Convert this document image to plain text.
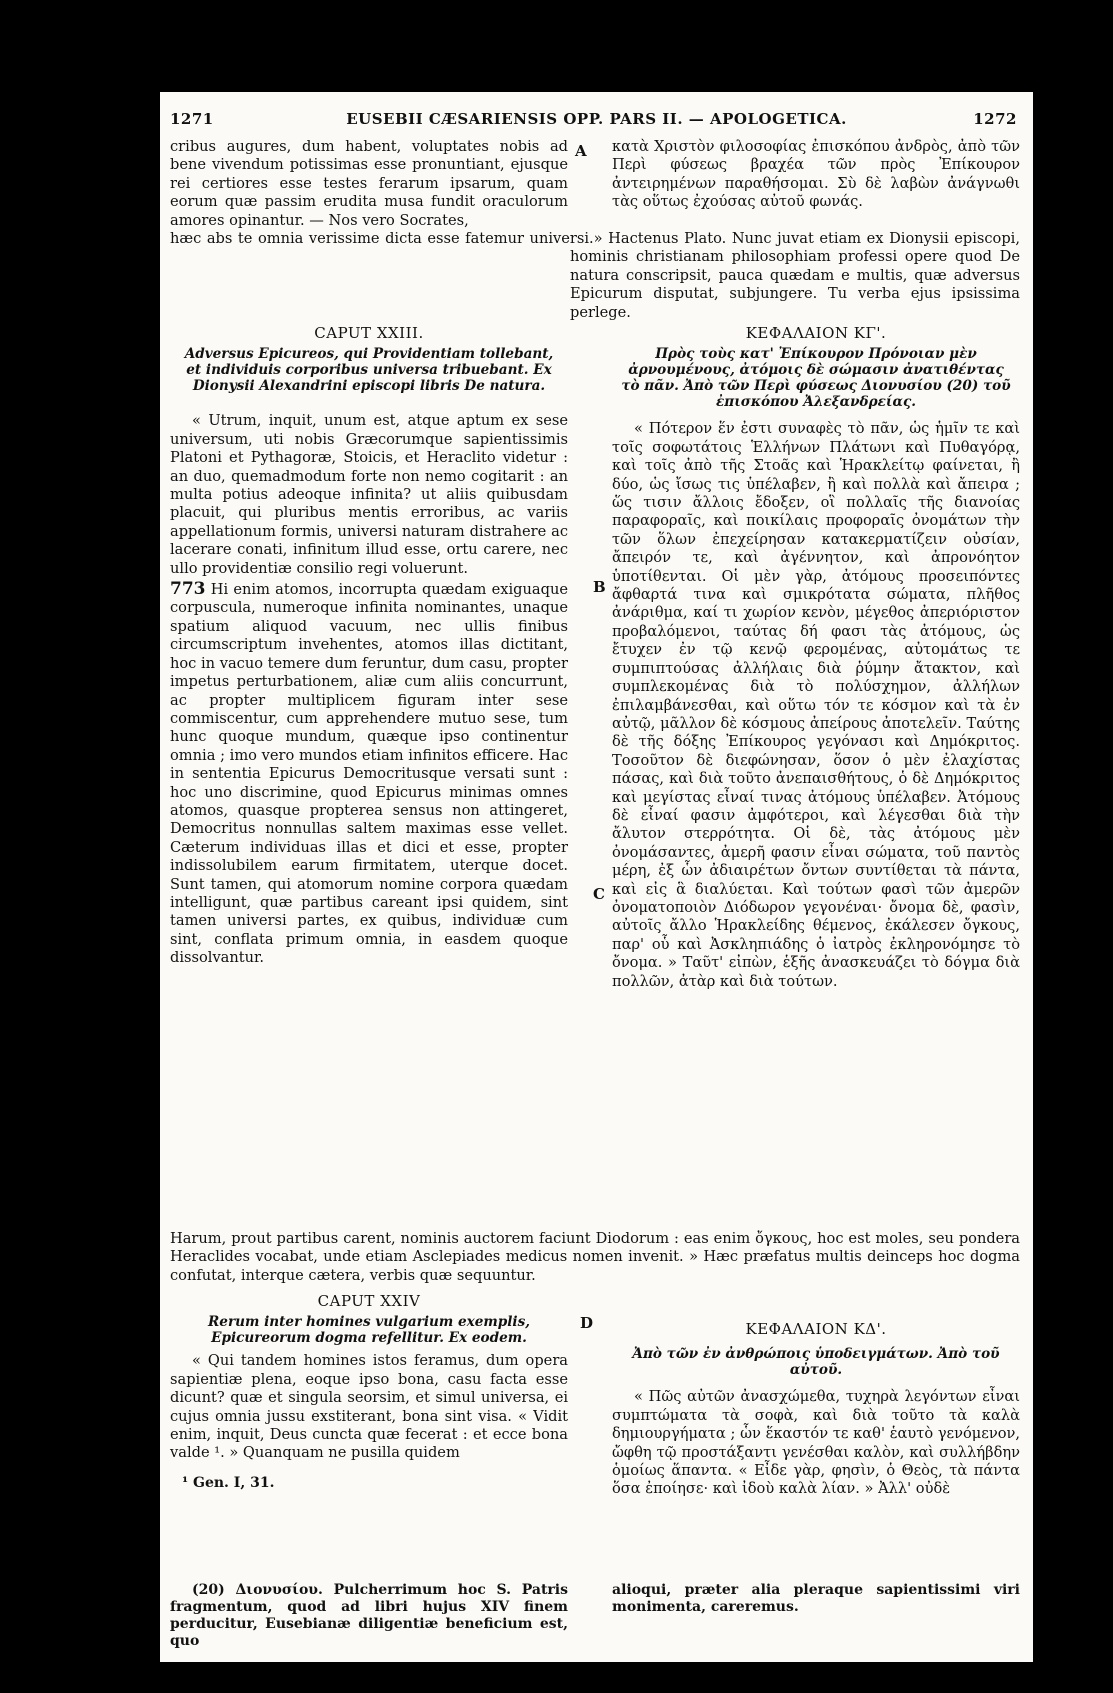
1271	EUSEBII CÆSARIENSIS OPP. PARS II. — APOLOGETICA.	1272

cribus augures, dum habent, voluptates nobis ad bene vivendum potissimas esse pronuntiant, ejusque rei certiores esse testes ferarum ipsarum, quam eorum quæ passim erudita musa fundit oraculorum amores opinantur. — Nos vero Socrates,

A κατὰ Χριστὸν φιλοσοφίας ἐπισκόπου ἀνδρὸς, ἀπὸ τῶν Περὶ φύσεως βραχέα τῶν πρὸς Ἐπίκουρον ἀντειρημένων παραθήσομαι. Σὺ δὲ λαβὼν ἀνάγνωθι τὰς οὕτως ἐχούσας αὐτοῦ φωνάς.

hæc abs te omnia verissime dicta esse fatemur universi.» Hactenus Plato. Nunc juvat etiam ex Dionysii episcopi, hominis christianam philosophiam professi opere quod De natura conscripsit, pauca quædam e multis, quæ adversus Epicurum disputat, subjungere. Tu verba ejus ipsissima perlege.

CAPUT XXIII.
Adversus Epicureos, qui Providentiam tollebant, et individuis corporibus universa tribuebant. Ex Dionysii Alexandrini episcopi libris De natura.

« Utrum, inquit, unum est, atque aptum ex sese universum, uti nobis Græcorumque sapientissimis Platoni et Pythagoræ, Stoicis, et Heraclito videtur : an duo, quemadmodum forte non nemo cogitarit : an multa potius adeoque infinita? ut aliis quibusdam placuit, qui pluribus mentis erroribus, ac variis appellationum formis, universi naturam distrahere ac lacerare conati, infinitum illud esse, ortu carere, nec ullo providentiæ consilio regi voluerunt.

773 Hi enim atomos, incorrupta quædam exiguaque corpuscula, numeroque infinita nominantes, unaque spatium aliquod vacuum, nec ullis finibus circumscriptum invehentes, atomos illas dictitant, hoc in vacuo temere dum feruntur, dum casu, propter impetus perturbationem, aliæ cum aliis concurrunt, ac propter multiplicem figuram inter sese commiscentur, cum apprehendere mutuo sese, tum hunc quoque mundum, quæque ipso continentur omnia ; imo vero mundos etiam infinitos efficere. Hac in sententia Epicurus Democritusque versati sunt : hoc uno discrimine, quod Epicurus minimas omnes atomos, quasque propterea sensus non attingeret, Democritus nonnullas saltem maximas esse vellet. Cæterum individuas illas et dici et esse, propter indissolubilem earum firmitatem, uterque docet. Sunt tamen, qui atomorum nomine corpora quædam intelligunt, quæ partibus careant ipsi quidem, sint tamen universi partes, ex quibus, individuæ cum sint, conflata primum omnia, in easdem quoque dissolvantur.

B
C
ΚΕΦΑΛΑΙΟΝ ΚΓ'.
Πρὸς τοὺς κατ' Ἐπίκουρον Πρόνοιαν μὲν ἀρνουμένους, ἀτόμοις δὲ σώμασιν ἀνατιθέντας τὸ πᾶν. Ἀπὸ τῶν Περὶ φύσεως Διονυσίου (20) τοῦ ἐπισκόπου Ἀλεξανδρείας.

« Πότερον ἕν ἐστι συναφὲς τὸ πᾶν, ὡς ἡμῖν τε καὶ τοῖς σοφωτάτοις Ἑλλήνων Πλάτωνι καὶ Πυθαγόρᾳ, καὶ τοῖς ἀπὸ τῆς Στοᾶς καὶ Ἡρακλείτῳ φαίνεται, ἢ δύο, ὡς ἴσως τις ὑπέλαβεν, ἢ καὶ πολλὰ καὶ ἄπειρα ; ὥς τισιν ἄλλοις ἔδοξεν, οἳ πολλαῖς τῆς διανοίας παραφοραῖς, καὶ ποικίλαις προφοραῖς ὀνομάτων τὴν τῶν ὅλων ἐπεχείρησαν κατακερματίζειν οὐσίαν, ἄπειρόν τε, καὶ ἀγέννητον, καὶ ἀπρονόητον ὑποτίθενται. Οἱ μὲν γὰρ, ἀτόμους προσειπόντες ἄφθαρτά τινα καὶ σμικρότατα σώματα, πλῆθος ἀνάριθμα, καί τι χωρίον κενὸν, μέγεθος ἀπεριόριστον προβαλόμενοι, ταύτας δή φασι τὰς ἀτόμους, ὡς ἔτυχεν ἐν τῷ κενῷ φερομένας, αὐτομάτως τε συμπιπτούσας ἀλλήλαις διὰ ῥύμην ἄτακτον, καὶ συμπλεκομένας διὰ τὸ πολύσχημον, ἀλλήλων ἐπιλαμβάνεσθαι, καὶ οὕτω τόν τε κόσμον καὶ τὰ ἐν αὐτῷ, μᾶλλον δὲ κόσμους ἀπείρους ἀποτελεῖν. Ταύτης δὲ τῆς δόξης Ἐπίκουρος γεγόνασι καὶ Δημόκριτος. Τοσοῦτον δὲ διεφώνησαν, ὅσον ὁ μὲν ἐλαχίστας πάσας, καὶ διὰ τοῦτο ἀνεπαισθήτους, ὁ δὲ Δημόκριτος καὶ μεγίστας εἶναί τινας ἀτόμους ὑπέλαβεν. Ἀτόμους δὲ εἶναί φασιν ἀμφότεροι, καὶ λέγεσθαι διὰ τὴν ἄλυτον στερρότητα. Οἱ δὲ, τὰς ἀτόμους μὲν ὀνομάσαντες, ἀμερῆ φασιν εἶναι σώματα, τοῦ παντὸς μέρη, ἐξ ὧν ἀδιαιρέτων ὄντων συντίθεται τὰ πάντα, καὶ εἰς ἃ διαλύεται. Καὶ τούτων φασὶ τῶν ἀμερῶν ὀνοματοποιὸν Διόδωρον γεγονέναι· ὄνομα δὲ, φασὶν, αὐτοῖς ἄλλο Ἡρακλείδης θέμενος, ἐκάλεσεν ὄγκους, παρ' οὗ καὶ Ἀσκληπιάδης ὁ ἰατρὸς ἐκληρονόμησε τὸ ὄνομα. » Ταῦτ' εἰπὼν, ἑξῆς ἀνασκευάζει τὸ δόγμα διὰ πολλῶν, ἀτὰρ καὶ διὰ τούτων.

Harum, prout partibus carent, nominis auctorem faciunt Diodorum : eas enim ὄγκους, hoc est moles, seu pondera Heraclides vocabat, unde etiam Asclepiades medicus nomen invenit. » Hæc præfatus multis deinceps hoc dogma confutat, interque cætera, verbis quæ sequuntur.

D
CAPUT XXIV
Rerum inter homines vulgarium exemplis, Epicureorum dogma refellitur. Ex eodem.

« Qui tandem homines istos feramus, dum opera sapientiæ plena, eoque ipso bona, casu facta esse dicunt? quæ et singula seorsim, et simul universa, ei cujus omnia jussu exstiterant, bona sint visa. « Vidit enim, inquit, Deus cuncta quæ fecerat : et ecce bona valde ¹. » Quanquam ne pusilla quidem

¹ Gen. I, 31.

ΚΕΦΑΛΑΙΟΝ ΚΔ'.
Ἀπὸ τῶν ἐν ἀνθρώποις ὑποδειγμάτων. Ἀπὸ τοῦ αὐτοῦ.

« Πῶς αὐτῶν ἀνασχώμεθα, τυχηρὰ λεγόντων εἶναι συμπτώματα τὰ σοφὰ, καὶ διὰ τοῦτο τὰ καλὰ δημιουργήματα ; ὧν ἕκαστόν τε καθ' ἑαυτὸ γενόμενον, ὤφθη τῷ προστάξαντι γενέσθαι καλὸν, καὶ συλλήβδην ὁμοίως ἅπαντα. « Εἶδε γὰρ, φησὶν, ὁ Θεὸς, τὰ πάντα ὅσα ἐποίησε· καὶ ἰδοὺ καλὰ λίαν. » Ἀλλ' οὐδὲ

(20) Διονυσίου. Pulcherrimum hoc S. Patris fragmentum, quod ad libri hujus XIV finem perducitur, Eusebianæ diligentiæ beneficium est, quo

alioqui, præter alia pleraque sapientissimi viri monimenta, careremus.
